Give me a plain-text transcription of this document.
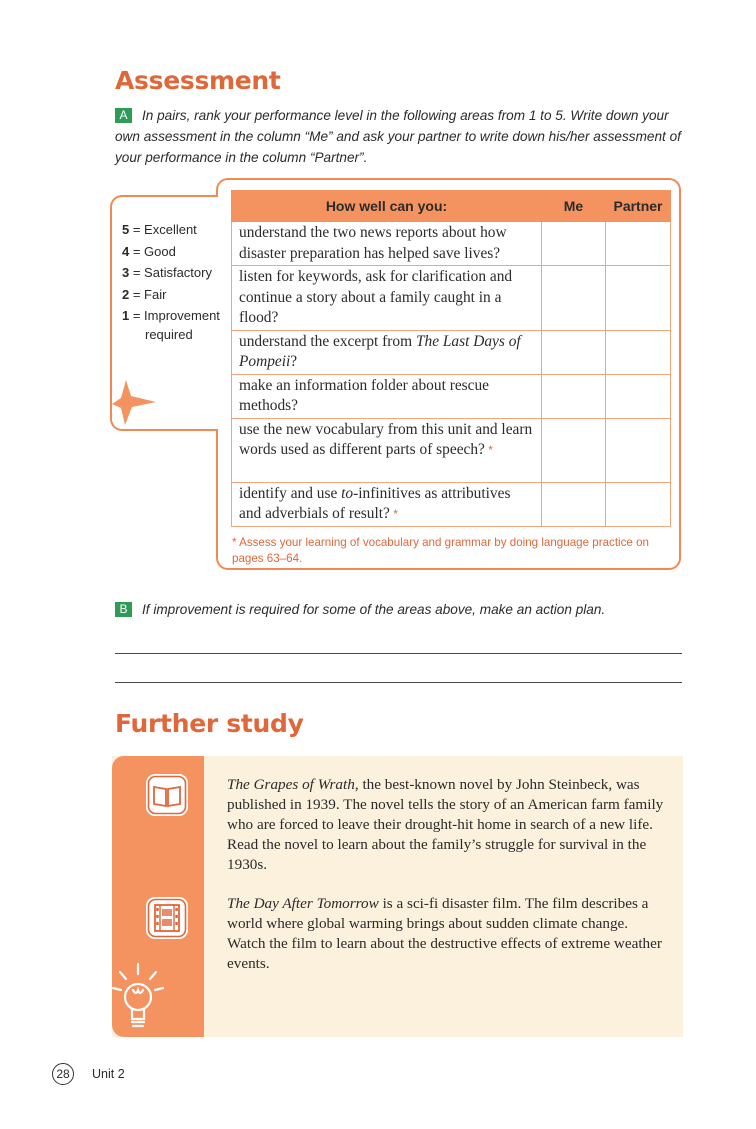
Assessment
A In pairs, rank your performance level in the following areas from 1 to 5. Write down your own assessment in the column “Me” and ask your partner to write down his/her assessment of your performance in the column “Partner”.
5 = Excellent
4 = Good
3 = Satisfactory
2 = Fair
1 = Improvement
required
How well can you:	Me	Partner
understand the two news reports about how disaster preparation has helped save lives?		
listen for keywords, ask for clarification and continue a story about a family caught in a flood?		
understand the excerpt from The Last Days of Pompeii?		
make an information folder about rescue methods?		
use the new vocabulary from this unit and learn words used as different parts of speech? *		
identify and use to-infinitives as attributives and adverbials of result? *		
* Assess your learning of vocabulary and grammar by doing language practice on pages 63–64.
B If improvement is required for some of the areas above, make an action plan.
Further study
The Grapes of Wrath, the best-known novel by John Steinbeck, was published in 1939. The novel tells the story of an American farm family who are forced to leave their drought-hit home in search of a new life. Read the novel to learn about the family’s struggle for survival in the 1930s.
The Day After Tomorrow is a sci-fi disaster film. The film describes a world where global warming brings about sudden climate change. Watch the film to learn about the destructive effects of extreme weather events.
28	Unit 2
